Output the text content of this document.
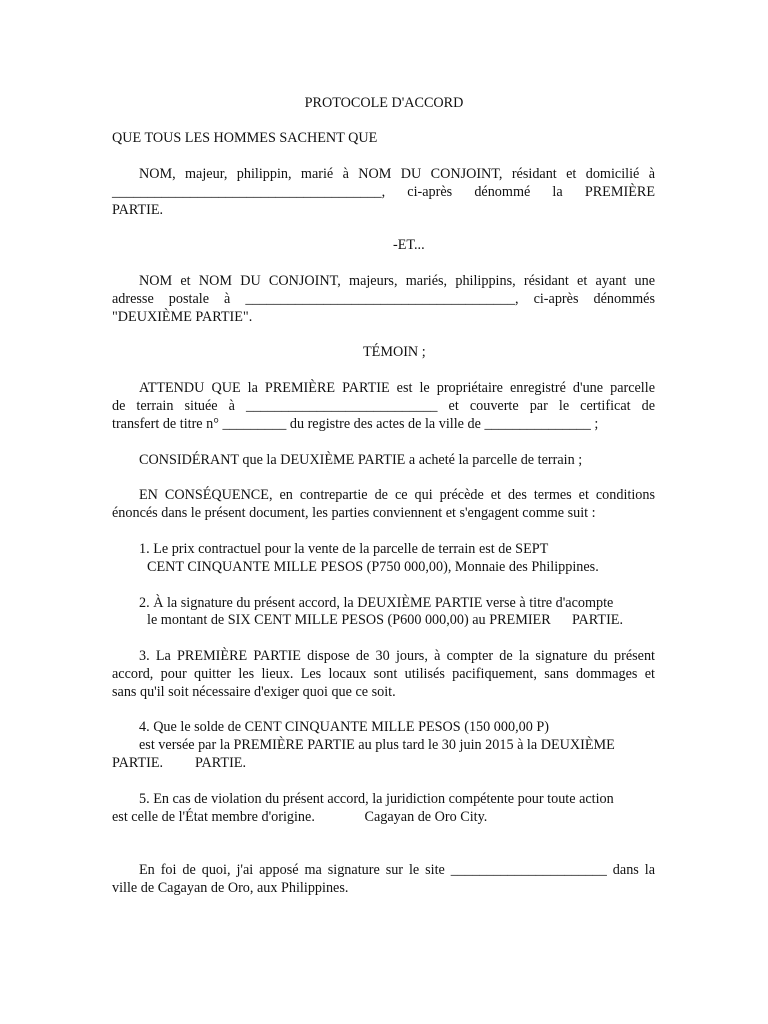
PROTOCOLE D'ACCORD
QUE TOUS LES HOMMES SACHENT QUE
NOM, majeur, philippin, marié à NOM DU CONJOINT, résidant et domicilié à
______________________________________, ci-après dénommé la PREMIÈRE
PARTIE.
-ET...
NOM et NOM DU CONJOINT, majeurs, mariés, philippins, résidant et ayant une
adresse postale à ______________________________________, ci-après dénommés
"DEUXIÈME PARTIE".
TÉMOIN ;
ATTENDU QUE la PREMIÈRE PARTIE est le propriétaire enregistré d'une parcelle
de terrain située à ___________________________ et couverte par le certificat de
transfert de titre n° _________ du registre des actes de la ville de _______________ ;
CONSIDÉRANT que la DEUXIÈME PARTIE a acheté la parcelle de terrain ;
EN CONSÉQUENCE, en contrepartie de ce qui précède et des termes et conditions
énoncés dans le présent document, les parties conviennent et s'engagent comme suit :
1. Le prix contractuel pour la vente de la parcelle de terrain est de SEPT
CENT CINQUANTE MILLE PESOS (P750 000,00), Monnaie des Philippines.
2. À la signature du présent accord, la DEUXIÈME PARTIE verse à titre d'acompte
le montant de SIX CENT MILLE PESOS (P600 000,00) au PREMIER      PARTIE.
3. La PREMIÈRE PARTIE dispose de 30 jours, à compter de la signature du présent
accord, pour quitter les lieux. Les locaux sont utilisés pacifiquement, sans dommages et
sans qu'il soit nécessaire d'exiger quoi que ce soit.
4. Que le solde de CENT CINQUANTE MILLE PESOS (150 000,00 P)
est versée par la PREMIÈRE PARTIE au plus tard le 30 juin 2015 à la DEUXIÈME
PARTIE.         PARTIE.
5. En cas de violation du présent accord, la juridiction compétente pour toute action
est celle de l'État membre d'origine.              Cagayan de Oro City.
En foi de quoi, j'ai apposé ma signature sur le site ______________________ dans la
ville de Cagayan de Oro, aux Philippines.
